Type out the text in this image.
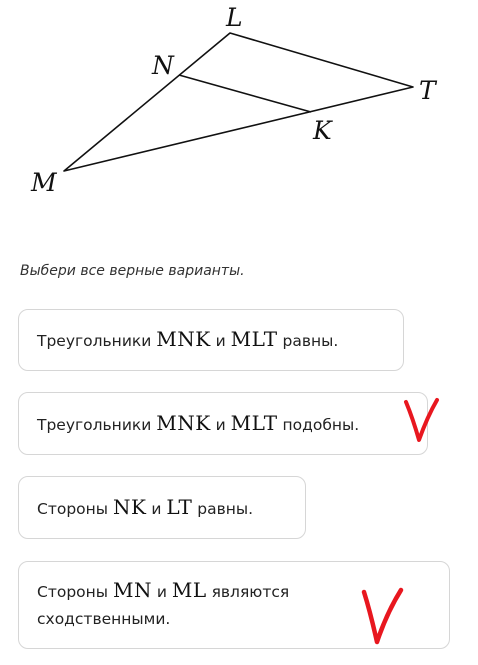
L
N
T
K
M

Выбери все верные варианты.

Треугольники MNK и MLT равны.
Треугольники MNK и MLT подобны.
Стороны NK и LT равны.
Стороны MN и ML являются
сходственными.
